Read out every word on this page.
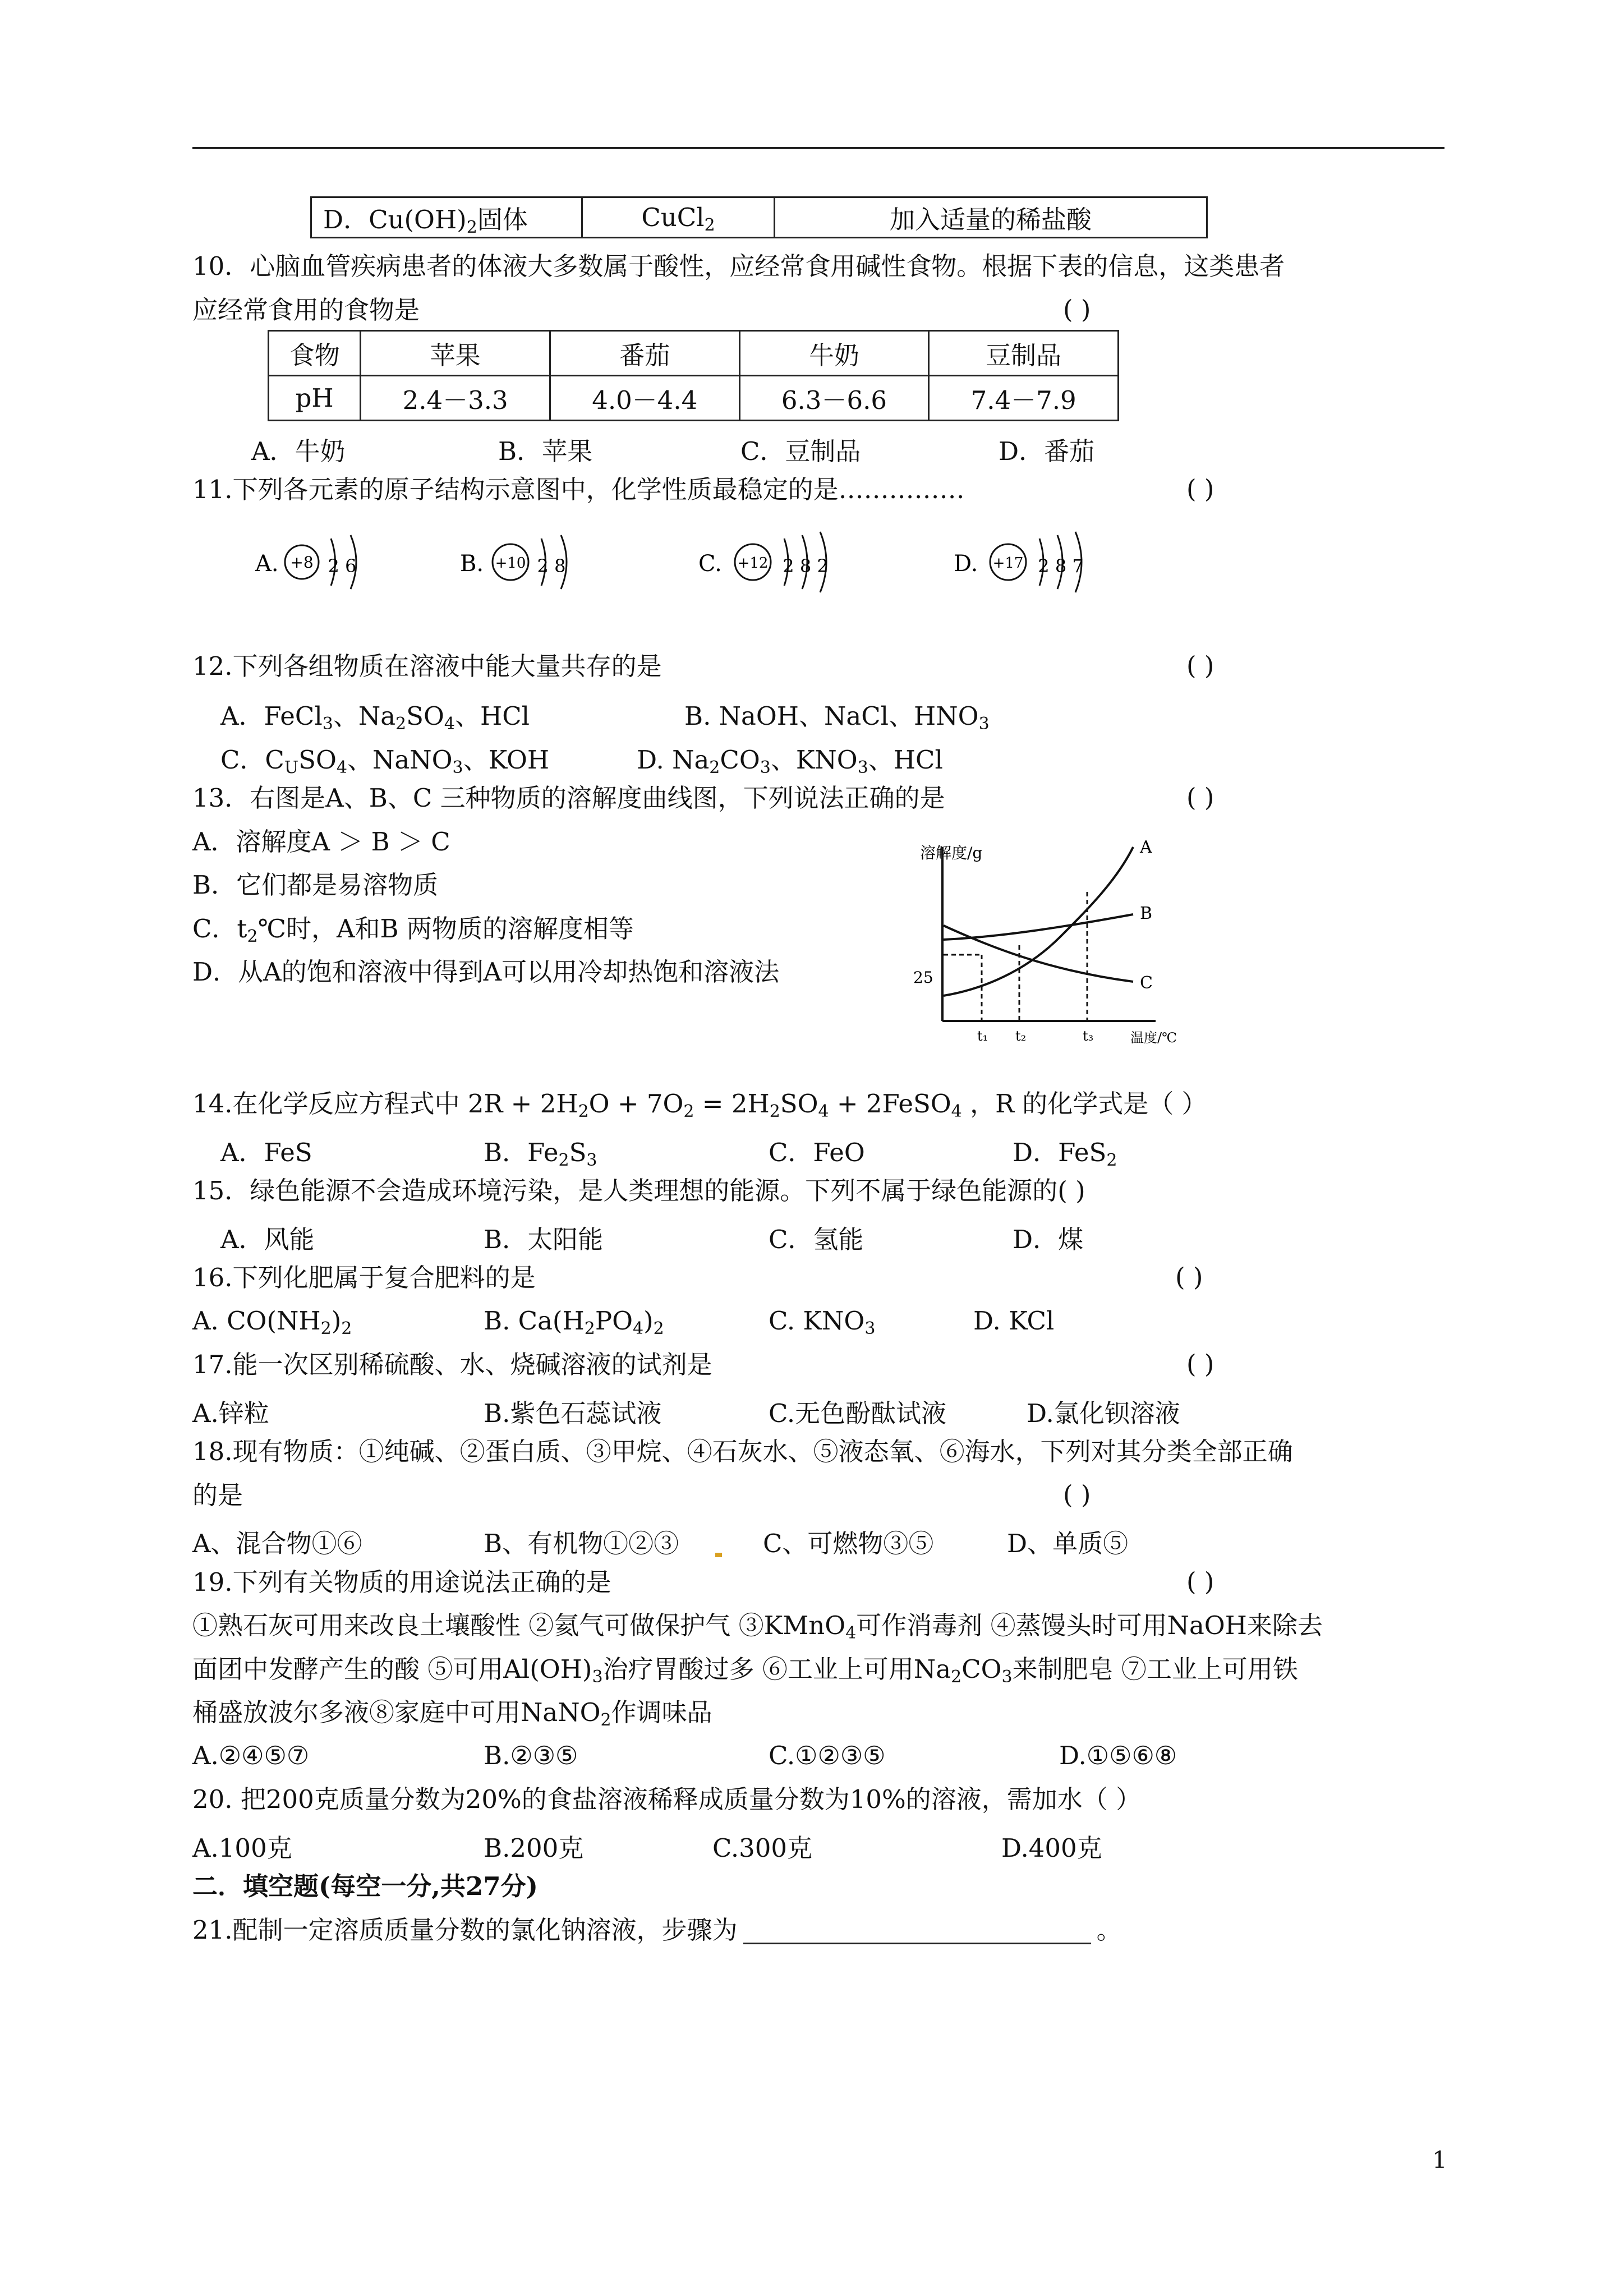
D．$Cu(OH)_2$固体	CuCl$_2$	加入适量的稀盐酸
10．心脑血管疾病患者的体液大多数属于酸性，应经常食用碱性食物。根据下表的信息，这类患者
应经常食用的食物是	( )
食物	苹果	番茄	牛奶	豆制品
pH	2.4－3.3	4.0－4.4	6.3－6.6	7.4－7.9
A．牛奶	B．苹果	C．豆制品	D．番茄
11.下列各元素的原子结构示意图中，化学性质最稳定的是……………	( )
A. +8 2 6	B. +10 2 8	C. +12 2 8 2	D. +17 2 8 7
12.下列各组物质在溶液中能大量共存的是	( )
A．FeCl$_3$、$Na_2SO_4$、HCl	B. NaOH、NaCl、$HNO_3$
C．$C_USO_4$、NaNO$_3$、KOH	D. $Na_2CO_3$、$KNO_3$、HCl
13．右图是A、B、C 三种物质的溶解度曲线图，下列说法正确的是	( )
A．溶解度A ＞ B ＞ C
B．它们都是易溶物质
C．$t_2℃$时，A和B 两物质的溶解度相等
D．从A的饱和溶液中得到A可以用冷却热饱和溶液法
溶解度/g
25
t₁ t₂	t₃	温度/℃
A
B
C
14.在化学反应方程式中 $2R + 2H_2O + 7O_2 = 2H_2SO_4$ + 2FeSO$_4$ ，R 的化学式是（ ）
A．FeS	B．$Fe_2S_3$	C．FeO	D．FeS$_2$
15．绿色能源不会造成环境污染，是人类理想的能源。下列不属于绿色能源的( )
A．风能	B．太阳能	C．氢能	D．煤
16.下列化肥属于复合肥料的是	( )
A. $CO(NH_2)_2$	B. $Ca(H_2PO_4)_2$	C. $KNO_3$	D. KCl
17.能一次区别稀硫酸、水、烧碱溶液的试剂是	( )
A.锌粒	B.紫色石蕊试液	C.无色酚酞试液	D.氯化钡溶液
18.现有物质：①纯碱、②蛋白质、③甲烷、④石灰水、⑤液态氧、⑥海水，下列对其分类全部正确
的是	( )
A、混合物①⑥	B、有机物①②③	C、可燃物③⑤	D、单质⑤
19.下列有关物质的用途说法正确的是	( )
①熟石灰可用来改良土壤酸性 ②氦气可做保护气 ③KMnO$_4$可作消毒剂 ④蒸馒头时可用NaOH来除去
面团中发酵产生的酸 ⑤可用$Al(OH)_3$治疗胃酸过多 ⑥工业上可用$Na_2CO_3$来制肥皂 ⑦工业上可用铁
桶盛放波尔多液⑧家庭中可用NaNO$_2$作调味品
A.②④⑤⑦	B.②③⑤	C.①②③⑤	D.①⑤⑥⑧
20. 把200克质量分数为20%的食盐溶液稀释成质量分数为10%的溶液，需加水（ ）
A.100克	B.200克	C.300克	D.400克
二．填空题(每空一分,共27分)
21.配制一定溶质质量分数的氯化钠溶液，步骤为	。
1
